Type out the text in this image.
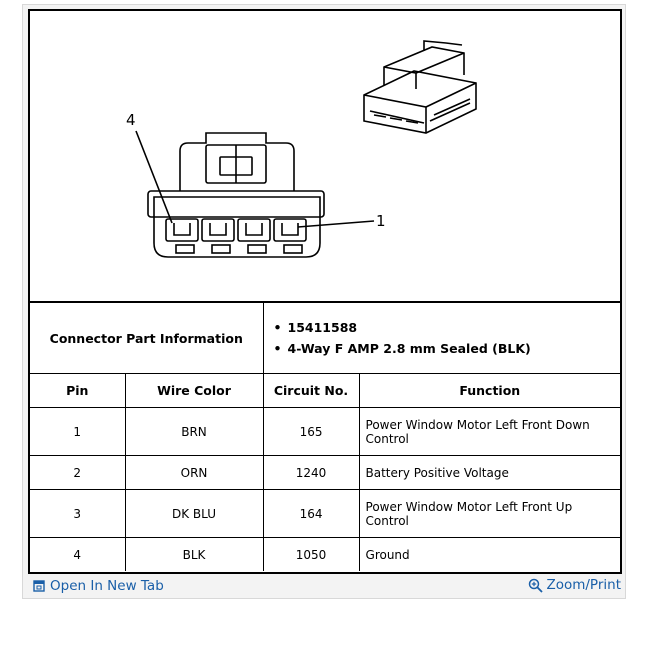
4
1
Connector Part Information		• 15411588
• 4-Way F AMP 2.8 mm Sealed (BLK)

Pin	Wire Color	Circuit No.	Function
1	BRN	165	Power Window Motor Left Front Down Control
2	ORN	1240	Battery Positive Voltage
3	DK BLU	164	Power Window Motor Left Front Up Control
4	BLK	1050	Ground
Open In New Tab	Zoom/Print
